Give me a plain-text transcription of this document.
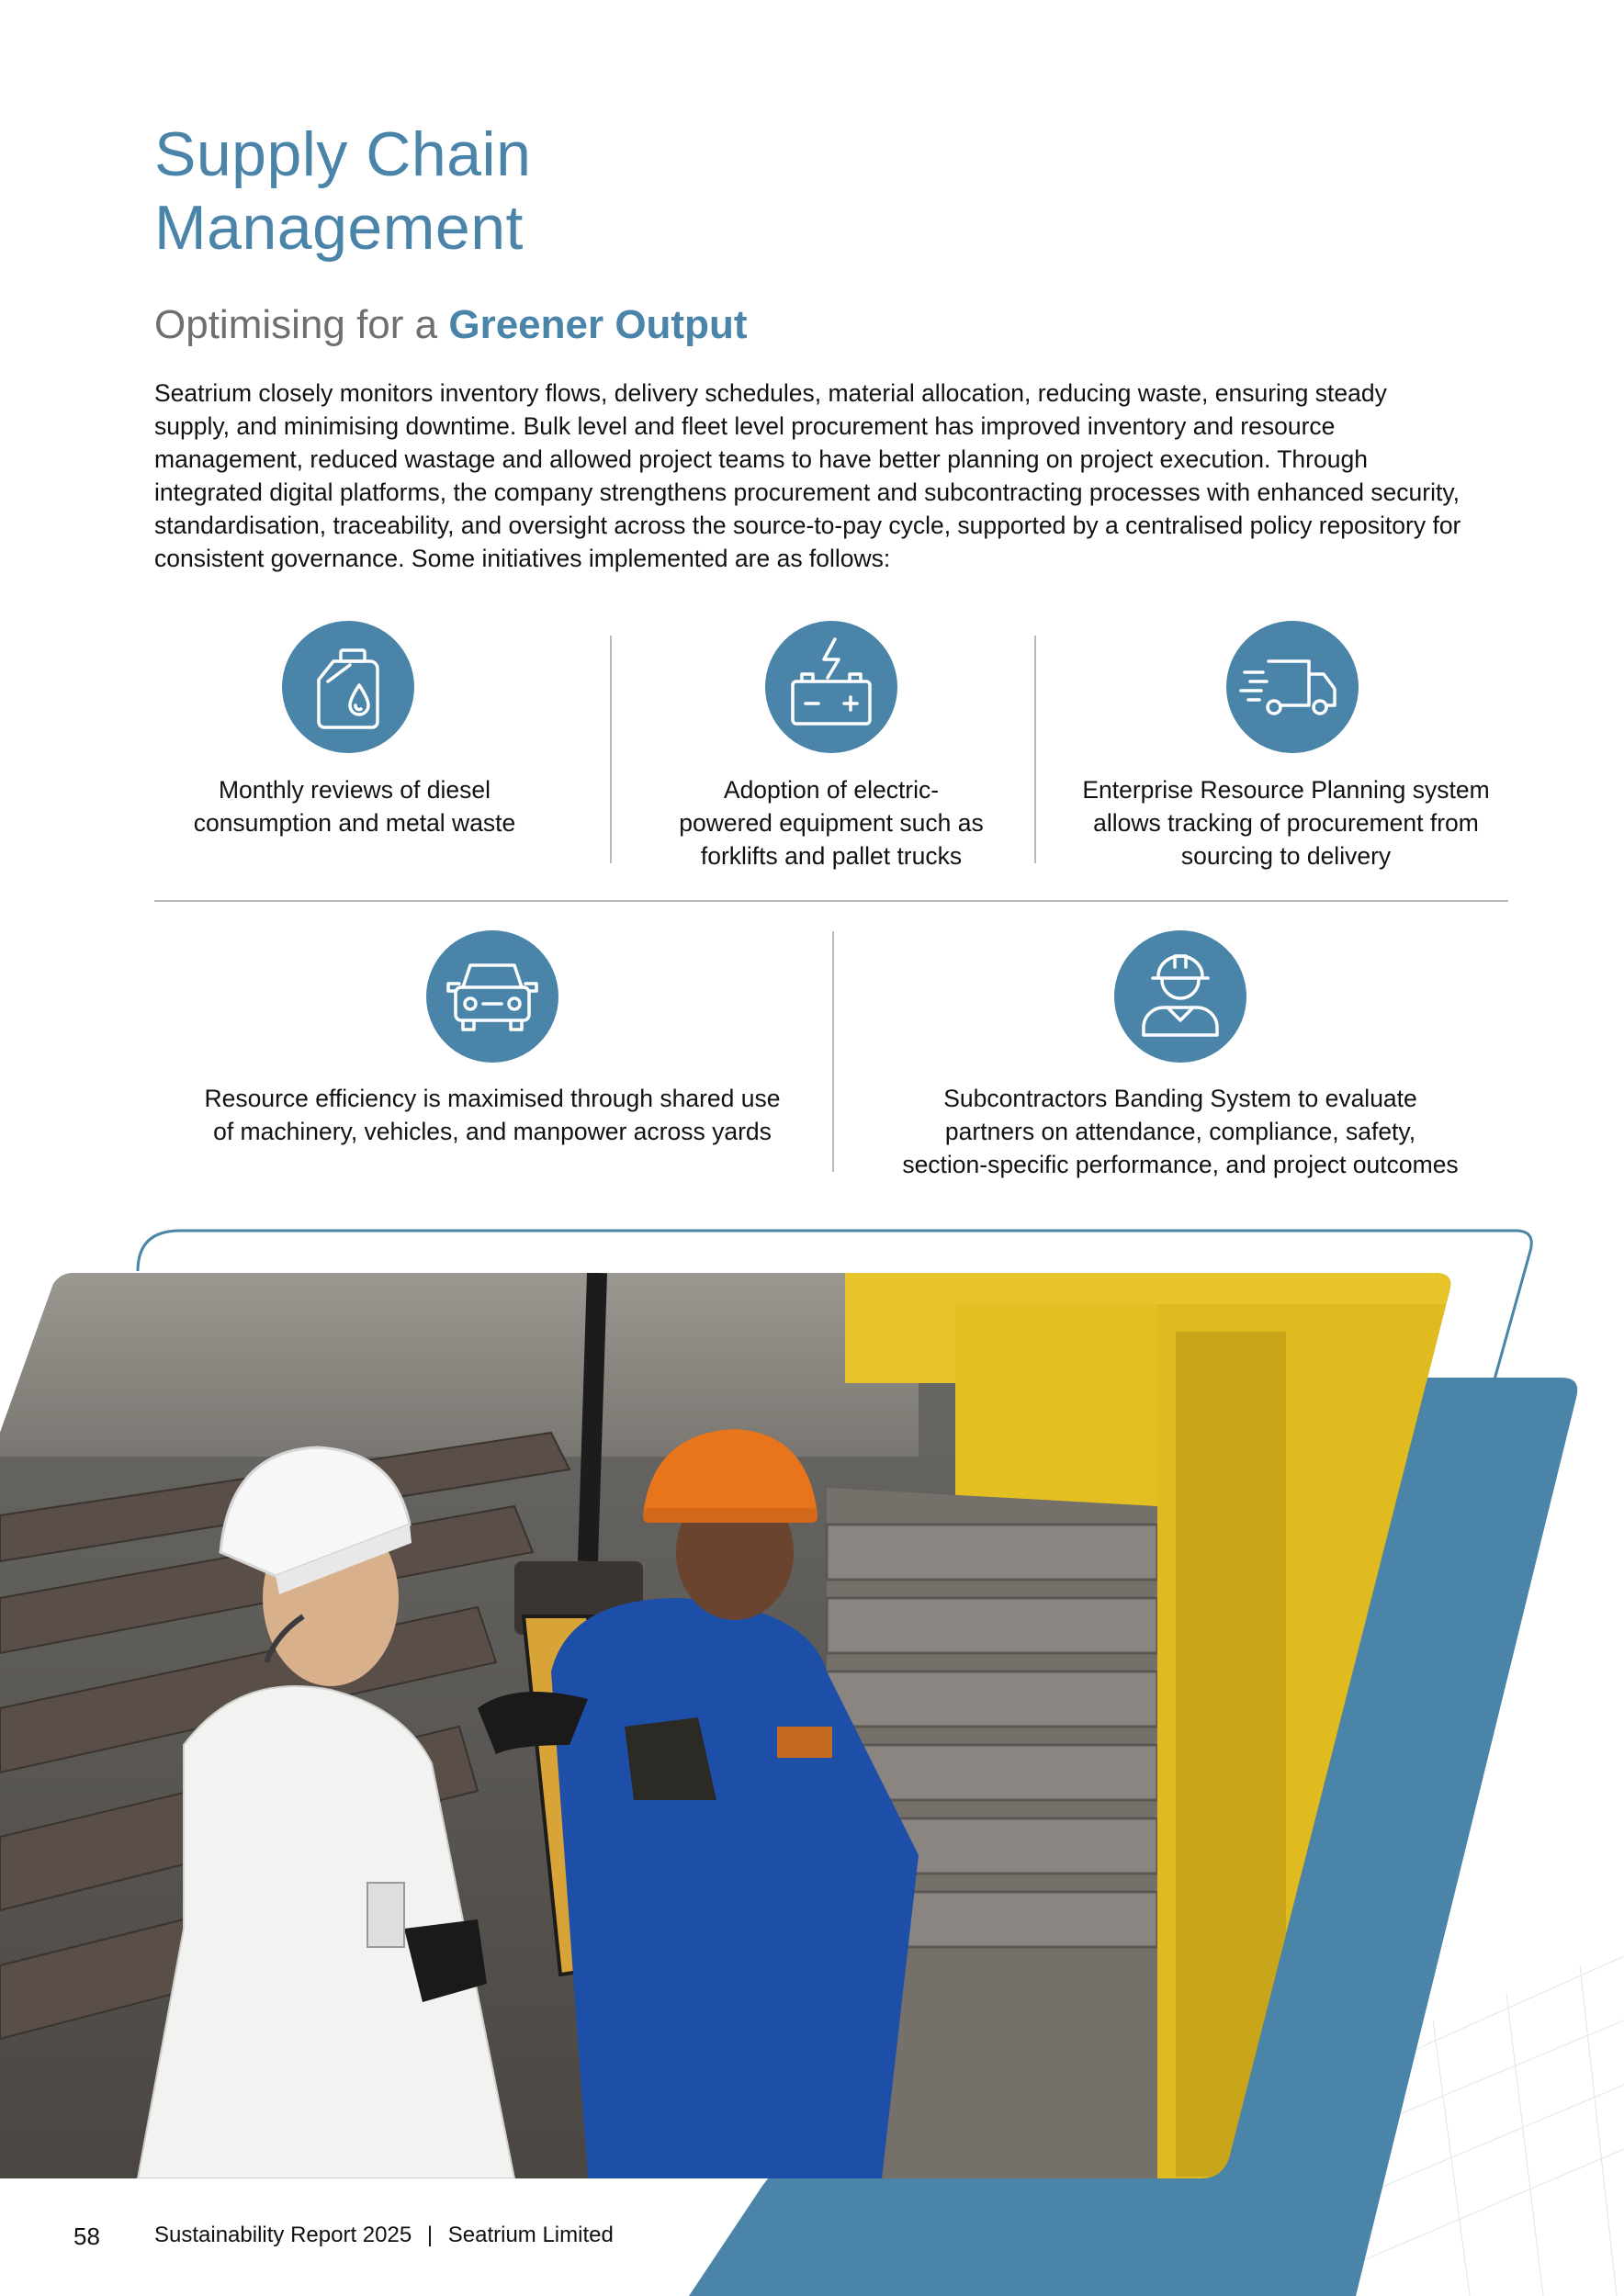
Supply Chain
Management
Optimising for a Greener Output

Seatrium closely monitors inventory flows, delivery schedules, material allocation, reducing waste, ensuring steady supply, and minimising downtime. Bulk level and fleet level procurement has improved inventory and resource management, reduced wastage and allowed project teams to have better planning on project execution. Through integrated digital platforms, the company strengthens procurement and subcontracting processes with enhanced security, standardisation, traceability, and oversight across the source-to-pay cycle, supported by a centralised policy repository for consistent governance. Some initiatives implemented are as follows:

Monthly reviews of diesel
consumption and metal waste
Adoption of electric-
powered equipment such as
forklifts and pallet trucks
Enterprise Resource Planning system
allows tracking of procurement from
sourcing to delivery
Resource efficiency is maximised through shared use
of machinery, vehicles, and manpower across yards
Subcontractors Banding System to evaluate
partners on attendance, compliance, safety,
section-specific performance, and project outcomes
58 Sustainability Report 2025 | Seatrium Limited
